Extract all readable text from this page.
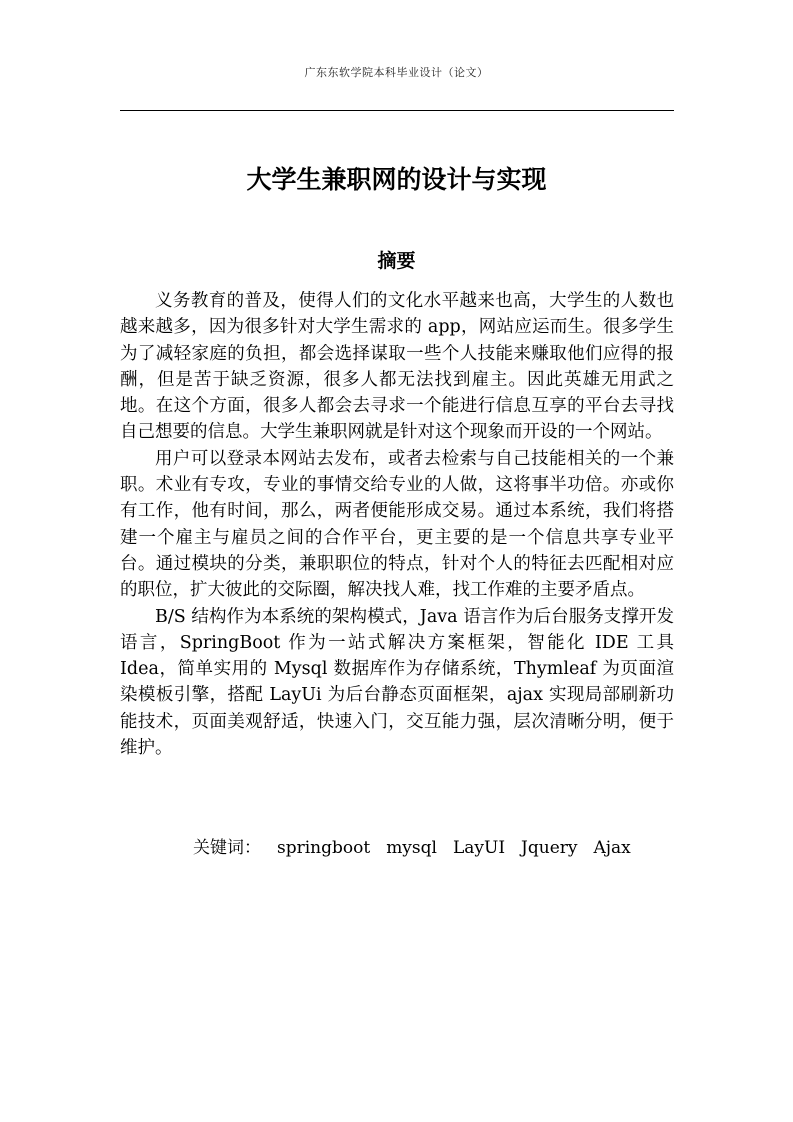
广东东软学院本科毕业设计（论文）
大学生兼职网的设计与实现
摘要

义务教育的普及，使得人们的文化水平越来也高，大学生的人数也越来越多，因为很多针对大学生需求的 app，网站应运而生。很多学生为了减轻家庭的负担，都会选择谋取一些个人技能来赚取他们应得的报酬，但是苦于缺乏资源，很多人都无法找到雇主。因此英雄无用武之地。在这个方面，很多人都会去寻求一个能进行信息互享的平台去寻找自己想要的信息。大学生兼职网就是针对这个现象而开设的一个网站。

用户可以登录本网站去发布，或者去检索与自己技能相关的一个兼职。术业有专攻，专业的事情交给专业的人做，这将事半功倍。亦或你有工作，他有时间，那么，两者便能形成交易。通过本系统，我们将搭建一个雇主与雇员之间的合作平台，更主要的是一个信息共享专业平台。通过模块的分类，兼职职位的特点，针对个人的特征去匹配相对应的职位，扩大彼此的交际圈，解决找人难，找工作难的主要矛盾点。

B/S 结构作为本系统的架构模式，Java 语言作为后台服务支撑开发语言，SpringBoot 作为一站式解决方案框架，智能化 IDE 工具 Idea，简单实用的 Mysql 数据库作为存储系统，Thymleaf 为页面渲染模板引擎，搭配 LayUi 为后台静态页面框架，ajax 实现局部刷新功能技术，页面美观舒适，快速入门，交互能力强，层次清晰分明，便于维护。

关键词： springboot mysql LayUI Jquery Ajax
